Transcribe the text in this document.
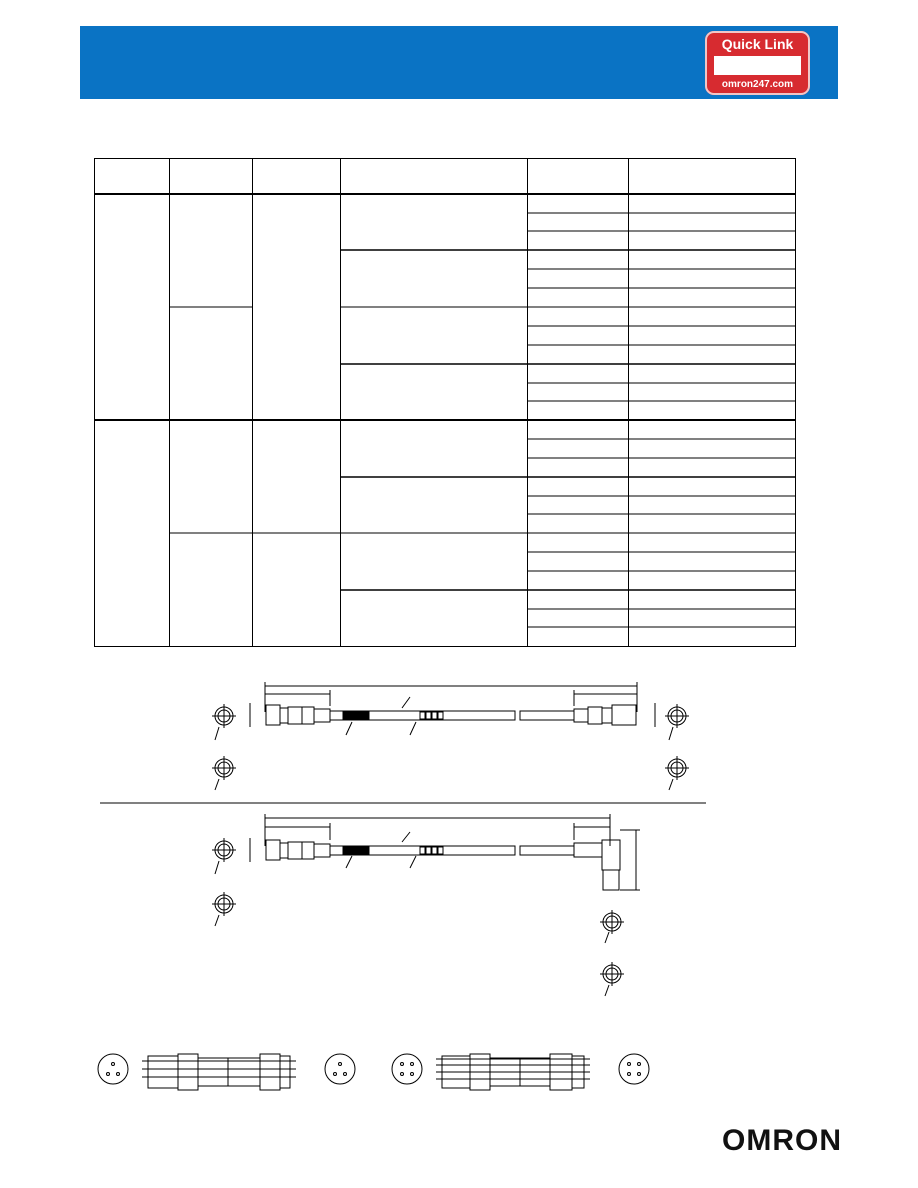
Quick Link
omron247.com
OMRON
